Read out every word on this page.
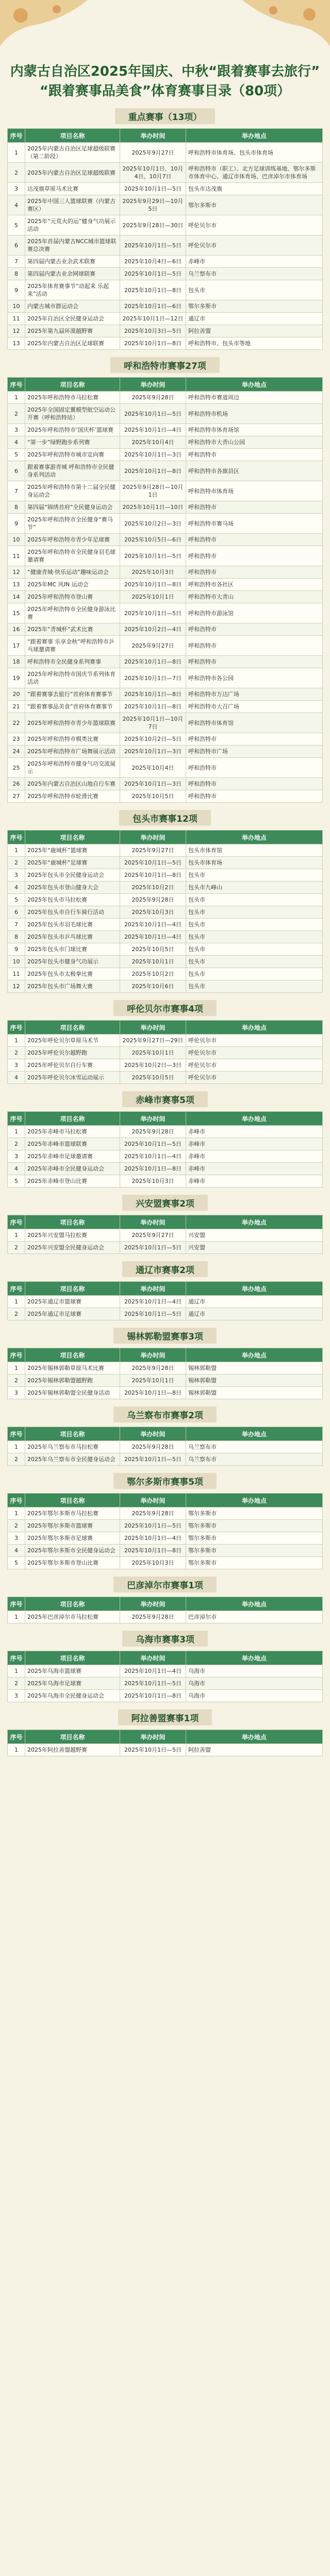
内蒙古自治区2025年国庆、中秋“跟着赛事去旅行”
“跟着赛事品美食”体育赛事目录（80项）
重点赛事（13项）
序号	项目名称	举办时间	举办地点
1	2025年内蒙古自治区足球超级联赛（第二阶段）	2025年9月27日	呼和浩特市体育场、包头市体育场
2	2025年内蒙古自治区足球超级联赛	2025年10月1日、10月4日、10月7日	呼和浩特市（职工）、北方足球训练基地、鄂尔多斯市体育中心、通辽市体育场、巴彦淖尔市体育场
3	达茂旗草原马术比赛	2025年10月1日—5日	包头市达茂旗
4	2025年中国三人篮球联赛（内蒙古赛区）	2025年9月29日—10月5日	鄂尔多斯市
5	2025年“元荒火的运”健身气功展示活动	2025年9月28日—30日	呼伦贝尔市
6	2025年首届内蒙古NCC城市篮球联赛总决赛	2025年10月1日—5日	呼伦贝尔市
7	第四届内蒙古业余武术联赛	2025年10月4日—6日	赤峰市
8	第四届内蒙古业余网球联赛	2025年10月1日—5日	乌兰察布市
9	2025年体育赛事节“动起来 乐起来”活动	2025年10月1日—8日	包头市
10	内蒙古城市群运动会	2025年10月1日—6日	鄂尔多斯市
11	2025年自治区全民健身运动会	2025年10月1日—12日	通辽市
12	2025年第九届环漠越野赛	2025年10月3日—5日	阿拉善盟
13	2025年内蒙古自治区足球联赛	2025年10月1日—8日	呼和浩特市、包头市等地
呼和浩特市赛事27项
序号	项目名称	举办时间	举办地点
1	2025年呼和浩特市马拉松赛	2025年9月28日	呼和浩特市赛道周边
2	2025年全国固定翼模型航空运动公开赛（呼和浩特站）	2025年10月1日—5日	呼和浩特市机场
3	2025年呼和浩特市‘国庆杯’篮球赛	2025年10月1日—4日	呼和浩特市体育场馆
4	“第一步”绿野跑步系列赛	2025年10月4日	呼和浩特市大青山公园
5	2025年呼和浩特市城市定向赛	2025年10月1日—3日	呼和浩特市
6	跟着赛事游青城 呼和浩特市全民健身系列活动	2025年10月1日—8日	呼和浩特市各旗县区
7	2025年呼和浩特市第十二届全民健身运动会	2025年9月28日—10月1日	呼和浩特市体育场
8	第四届“锦绣首府”全民健身运动会	2025年10月1日—10日	呼和浩特市
9	2025年呼和浩特市全民健身“赛马节”	2025年10月2日—3日	呼和浩特市赛马场
10	2025年呼和浩特市青少年足球赛	2025年10月5日—6日	呼和浩特市
11	2025年呼和浩特市全民健身羽毛球邀请赛	2025年10月1日—5日	呼和浩特市
12	“健康青城·快乐运动”趣味运动会	2025年10月3日	呼和浩特市
13	2025年MC 风IN 运动会	2025年10月1日—8日	呼和浩特市各社区
14	2025年呼和浩特市登山赛	2025年10月1日	呼和浩特市大青山
15	2025年呼和浩特市全民健身游泳比赛	2025年10月1日—5日	呼和浩特市游泳馆
16	2025年“青城杯”武术比赛	2025年10月2日—4日	呼和浩特市
17	“跟着赛事 乐享金秋”呼和浩特市乒乓球邀请赛	2025年9月27日	呼和浩特市
18	呼和浩特市全民健身系列赛事	2025年10月1日—8日	呼和浩特市
19	2025年呼和浩特市国庆节系列体育活动	2025年10月1日—7日	呼和浩特市各公园
20	“跟着赛事去旅行”首府体育赛事节	2025年10月1日—8日	呼和浩特市万达广场
21	“跟着赛事品美食”首府体育赛事节	2025年10月1日—8日	呼和浩特市大召广场
22	2025年呼和浩特市青少年篮球联赛	2025年10月1日—10月7日	呼和浩特市体育馆
23	2025年呼和浩特市棋类比赛	2025年10月2日—5日	呼和浩特市
24	2025年呼和浩特市广场舞展示活动	2025年10月1日—3日	呼和浩特市广场
25	2025年呼和浩特市健身气功交流展示	2025年10月4日	呼和浩特市
26	2025年内蒙古自治区山地自行车赛	2025年10月1日—3日	呼和浩特市
27	2025年呼和浩特市轮滑比赛	2025年10月5日	呼和浩特市
包头市赛事12项
序号	项目名称	举办时间	举办地点
1	2025年“鹿城杯”篮球赛	2025年9月27日	包头市体育馆
2	2025年“鹿城杯”足球赛	2025年10月1日—5日	包头市体育场
3	2025年包头市全民健身运动会	2025年10月1日—8日	包头市
4	2025年包头市登山健身大会	2025年10月2日	包头市九峰山
5	2025年包头市马拉松赛	2025年9月28日	包头市
6	2025年包头市自行车骑行活动	2025年10月3日	包头市
7	2025年包头市羽毛球比赛	2025年10月1日—4日	包头市
8	2025年包头市乒乓球比赛	2025年10月1日—4日	包头市
9	2025年包头市门球比赛	2025年10月5日	包头市
10	2025年包头市健身气功展示	2025年10月1日	包头市
11	2025年包头市太极拳比赛	2025年10月2日	包头市
12	2025年包头市广场舞大赛	2025年10月6日	包头市
呼伦贝尔市赛事4项
序号	项目名称	举办时间	举办地点
1	2025年呼伦贝尔草原马术节	2025年9月27日—29日	呼伦贝尔市
2	2025年呼伦贝尔越野跑	2025年10月1日	呼伦贝尔市
3	2025年呼伦贝尔自行车赛	2025年10月2日—3日	呼伦贝尔市
4	2025年呼伦贝尔冰雪运动展示	2025年10月5日	呼伦贝尔市
赤峰市赛事5项
序号	项目名称	举办时间	举办地点
1	2025年赤峰市马拉松赛	2025年9月28日	赤峰市
2	2025年赤峰市篮球联赛	2025年10月1日—5日	赤峰市
3	2025年赤峰市足球邀请赛	2025年10月1日—4日	赤峰市
4	2025年赤峰市全民健身运动会	2025年10月1日—8日	赤峰市
5	2025年赤峰市登山比赛	2025年10月3日	赤峰市
兴安盟赛事2项
序号	项目名称	举办时间	举办地点
1	2025年兴安盟马拉松赛	2025年9月27日	兴安盟
2	2025年兴安盟全民健身运动会	2025年10月1日—5日	兴安盟
通辽市赛事2项
序号	项目名称	举办时间	举办地点
1	2025年通辽市篮球赛	2025年10月1日—4日	通辽市
2	2025年通辽市足球赛	2025年10月1日—5日	通辽市
锡林郭勒盟赛事3项
序号	项目名称	举办时间	举办地点
1	2025年锡林郭勒草原马术比赛	2025年9月28日	锡林郭勒盟
2	2025年锡林郭勒盟越野跑	2025年10月1日	锡林郭勒盟
3	2025年锡林郭勒盟全民健身活动	2025年10月1日—8日	锡林郭勒盟
乌兰察布市赛事2项
序号	项目名称	举办时间	举办地点
1	2025年乌兰察布市马拉松赛	2025年9月28日	乌兰察布市
2	2025年乌兰察布市全民健身运动会	2025年10月1日—5日	乌兰察布市
鄂尔多斯市赛事5项
序号	项目名称	举办时间	举办地点
1	2025年鄂尔多斯市马拉松赛	2025年9月28日	鄂尔多斯市
2	2025年鄂尔多斯市篮球赛	2025年10月1日—5日	鄂尔多斯市
3	2025年鄂尔多斯市足球赛	2025年10月1日—4日	鄂尔多斯市
4	2025年鄂尔多斯市全民健身运动会	2025年10月1日—8日	鄂尔多斯市
5	2025年鄂尔多斯市登山比赛	2025年10月3日	鄂尔多斯市
巴彦淖尔市赛事1项
序号	项目名称	举办时间	举办地点
1	2025年巴彦淖尔市马拉松赛	2025年9月28日	巴彦淖尔市
乌海市赛事3项
序号	项目名称	举办时间	举办地点
1	2025年乌海市篮球赛	2025年10月1日—4日	乌海市
2	2025年乌海市足球赛	2025年10月1日—5日	乌海市
3	2025年乌海市全民健身运动会	2025年10月1日—8日	乌海市
阿拉善盟赛事1项
序号	项目名称	举办时间	举办地点
1	2025年阿拉善盟越野赛	2025年10月1日—5日	阿拉善盟
